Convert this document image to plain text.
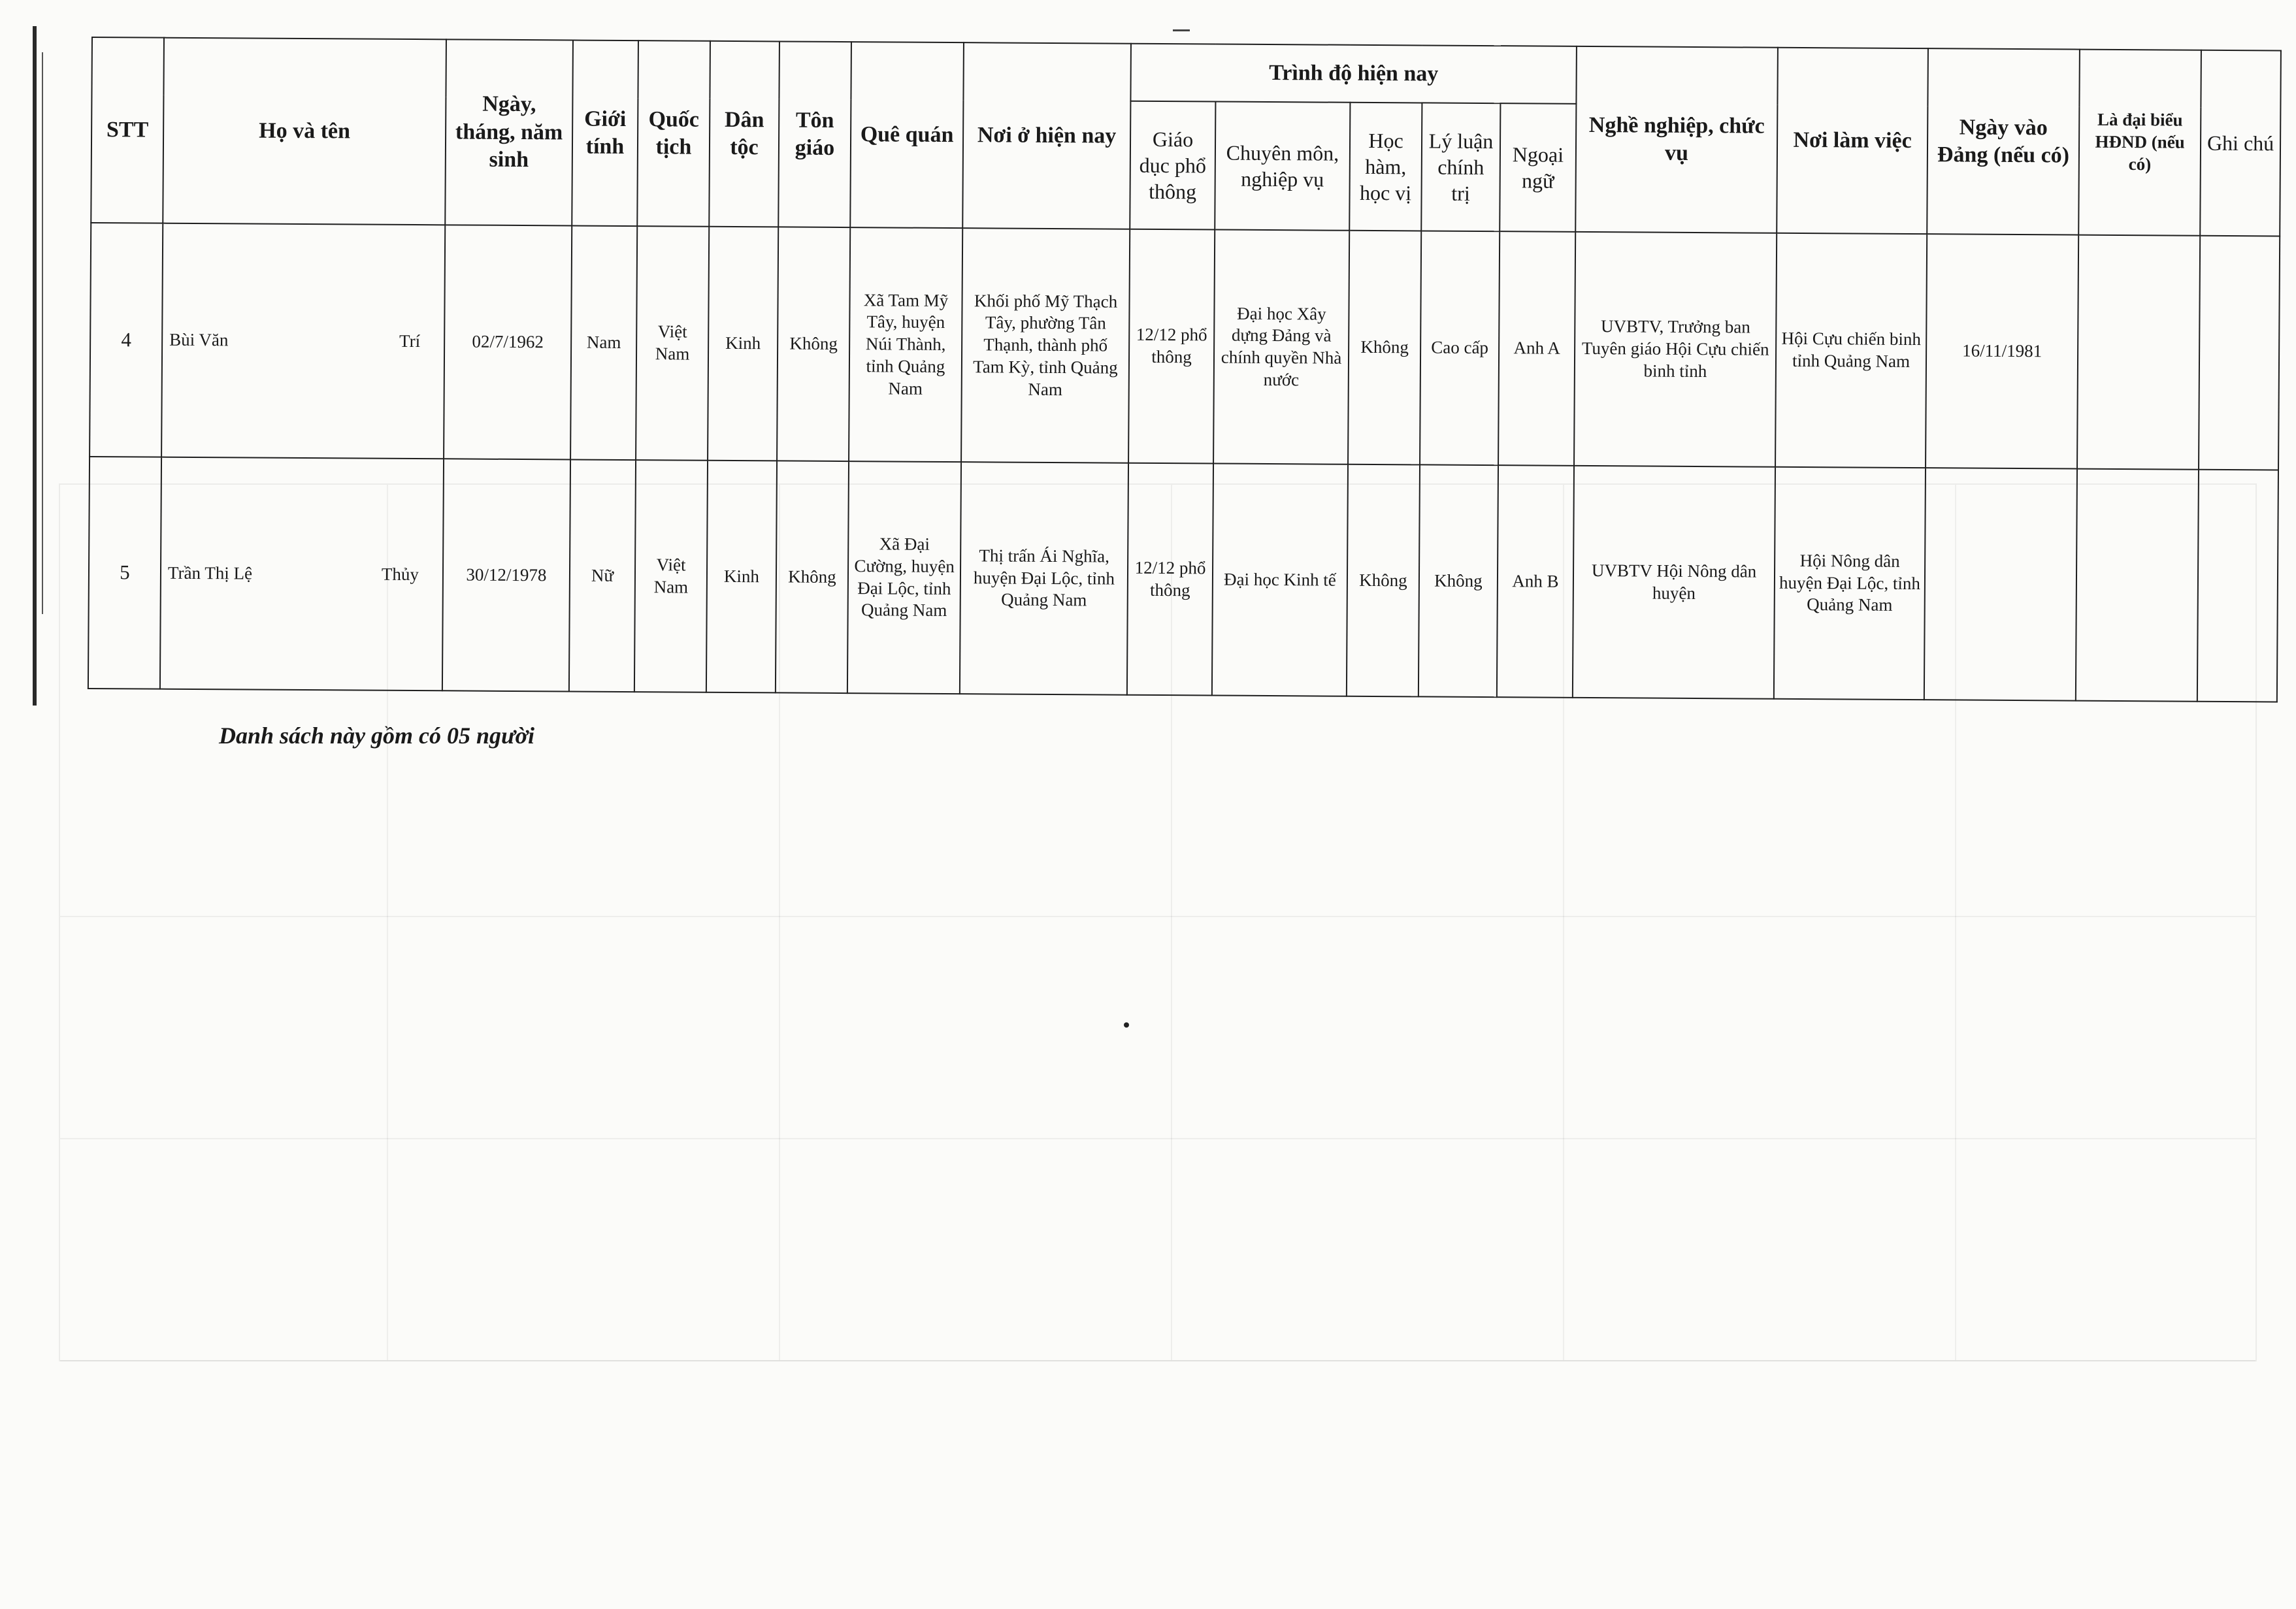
STT	Họ và tên	Ngày, tháng, năm sinh	Giới tính	Quốc tịch	Dân tộc	Tôn giáo	Quê quán	Nơi ở hiện nay	Trình độ hiện nay					Nghề nghiệp, chức vụ	Nơi làm việc	Ngày vào Đảng (nếu có)	Là đại biểu HĐND (nếu có)	Ghi chú
									Giáo dục phổ thông	Chuyên môn, nghiệp vụ	Học hàm, học vị	Lý luận chính trị	Ngoại ngữ					
4	Bùi Văn Trí	02/7/1962	Nam	Việt Nam	Kinh	Không	Xã Tam Mỹ Tây, huyện Núi Thành, tỉnh Quảng Nam	Khối phố Mỹ Thạch Tây, phường Tân Thạnh, thành phố Tam Kỳ, tỉnh Quảng Nam	12/12 phổ thông	Đại học Xây dựng Đảng và chính quyền Nhà nước	Không	Cao cấp	Anh A	UVBTV, Trưởng ban Tuyên giáo Hội Cựu chiến binh tỉnh	Hội Cựu chiến binh tỉnh Quảng Nam	16/11/1981		
5	Trần Thị Lệ Thủy	30/12/1978	Nữ	Việt Nam	Kinh	Không	Xã Đại Cường, huyện Đại Lộc, tỉnh Quảng Nam	Thị trấn Ái Nghĩa, huyện Đại Lộc, tỉnh Quảng Nam	12/12 phổ thông	Đại học Kinh tế	Không	Không	Anh B	UVBTV Hội Nông dân huyện	Hội Nông dân huyện Đại Lộc, tỉnh Quảng Nam			
Danh sách này gồm có 05 người
